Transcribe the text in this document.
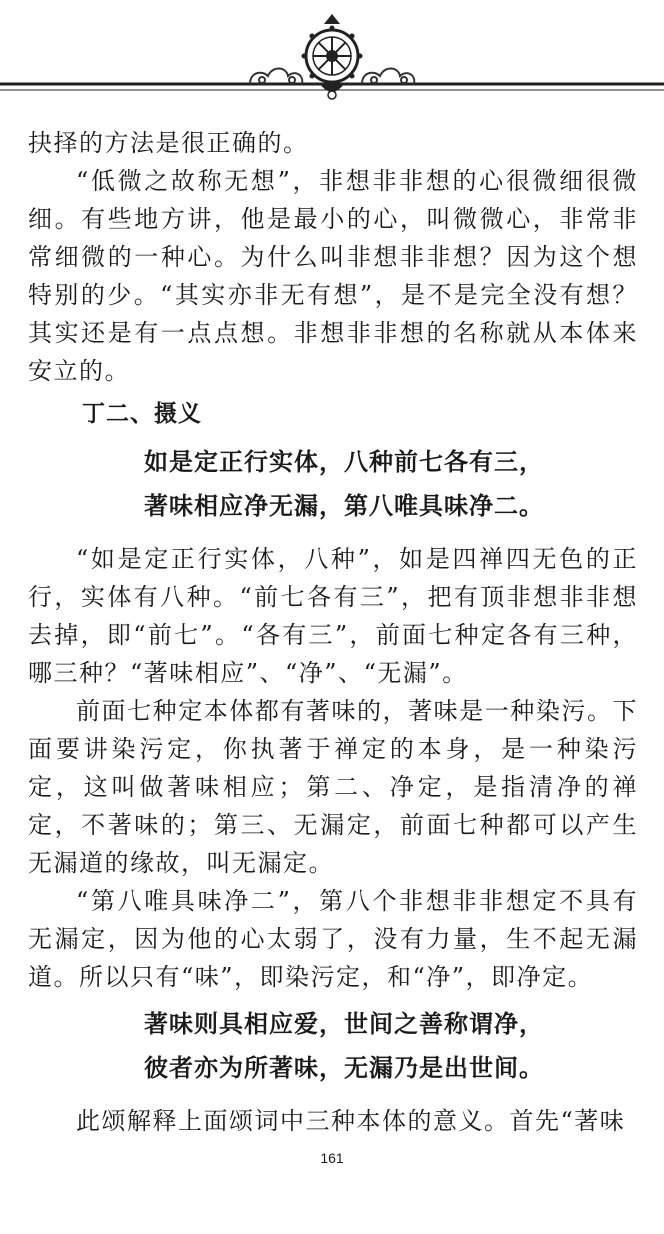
抉择的方法是很正确的。

“低微之故称无想”，非想非非想的心很微细很微细。有些地方讲，他是最小的心，叫微微心，非常非常细微的一种心。为什么叫非想非非想？因为这个想特别的少。“其实亦非无有想”，是不是完全没有想？其实还是有一点点想。非想非非想的名称就从本体来安立的。

丁二、摄义

如是定正行实体，八种前七各有三，

著味相应净无漏，第八唯具味净二。

“如是定正行实体，八种”，如是四禅四无色的正行，实体有八种。“前七各有三”，把有顶非想非非想去掉，即“前七”。“各有三”，前面七种定各有三种，哪三种？“著味相应”、“净”、“无漏”。

前面七种定本体都有著味的，著味是一种染污。下面要讲染污定，你执著于禅定的本身，是一种染污定，这叫做著味相应；第二、净定，是指清净的禅定，不著味的；第三、无漏定，前面七种都可以产生无漏道的缘故，叫无漏定。

“第八唯具味净二”，第八个非想非非想定不具有无漏定，因为他的心太弱了，没有力量，生不起无漏道。所以只有“味”，即染污定，和“净”，即净定。

著味则具相应爱，世间之善称谓净，

彼者亦为所著味，无漏乃是出世间。

此颂解释上面颂词中三种本体的意义。首先“著味

161
